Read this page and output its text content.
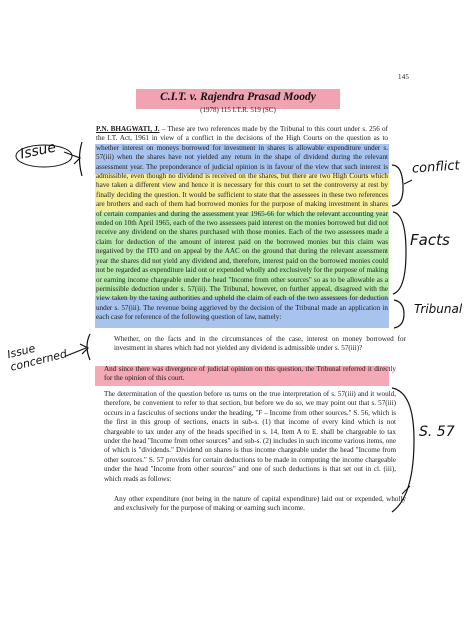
145
C.I.T. v. Rajendra Prasad Moody
(1978) 115 I.T.R. 519 (SC)

P.N. BHAGWATI, J. – These are two references made by the Tribunal to this court under s. 256 of the I.T. Act, 1961 in view of a conflict in the decisions of the High Courts on the question as to whether interest on moneys borrowed for investment in shares is allowable expenditure under s. 57(iii) when the shares have not yielded any return in the shape of dividend during the relevant assessment year. The preponderance of judicial opinion is in favour of the view that such interest is admissible, even though no dividend is received on the shares, but there are two High Courts which have taken a different view and hence it is necessary for this court to set the controversy at rest by finally deciding the question. It would be sufficient to state that the assessees in these two references are brothers and each of them had borrowed monies for the purpose of making investment in shares of certain companies and during the assessment year 1965-66 for which the relevant accounting year ended on 10th April 1965, each of the two assessees paid interest on the monies borrowed but did not receive any dividend on the shares purchased with those monies. Each of the two assessees made a claim for deduction of the amount of interest paid on the borrowed monies but this claim was negatived by the ITO and on appeal by the AAC on the ground that during the relevant assessment year the shares did not yield any dividend and, therefore, interest paid on the borrowed monies could not be regarded as expenditure laid out or expended wholly and exclusively for the purpose of making or earning income chargeable under the head "Income from other sources" so as to be allowable as a permissible deduction under s. 57(iii). The Tribunal, however, on further appeal, disagreed with the view taken by the taxing authorities and upheld the claim of each of the two assessees for deduction under s. 57(iii). The revenue being aggrieved by the decision of the Tribunal made an application in each case for reference of the following question of law, namely:

Whether, on the facts and in the circumstances of the case, interest on money borrowed for investment in shares which had not yielded any dividend is admissible under s. 57(iii)?

And since there was divergence of judicial opinion on this question, the Tribunal referred it directly for the opinion of this court.

The determination of the question before us turns on the true interpretation of s. 57(iii) and it would, therefore, be convenient to refer to that section, but before we do so, we may point out that s. 57(iii) occurs in a fasciculus of sections under the heading, "F – Income from other sources." S. 56, which is the first in this group of sections, enacts in sub-s. (1) that income of every kind which is not chargeable to tax under any of the heads specified in s. 14, Item A to E. shall be chargeable to tax under the head "Income from other sources" and sub-s. (2) includes in such income various items, one of which is "dividends." Dividend on shares is thus income chargeable under the head "Income from other sources." S. 57 provides for certain deductions to be made in computing the income chargeable under the head "Income from other sources" and one of such deductions is that set out in cl. (iii), which reads as follows:

Any other expenditure (not being in the nature of capital expenditure) laid out or expended, wholly and exclusively for the purpose of making or earning such income.

Issue
conflict
Facts
Tribunal
Issue concerned
S. 57
